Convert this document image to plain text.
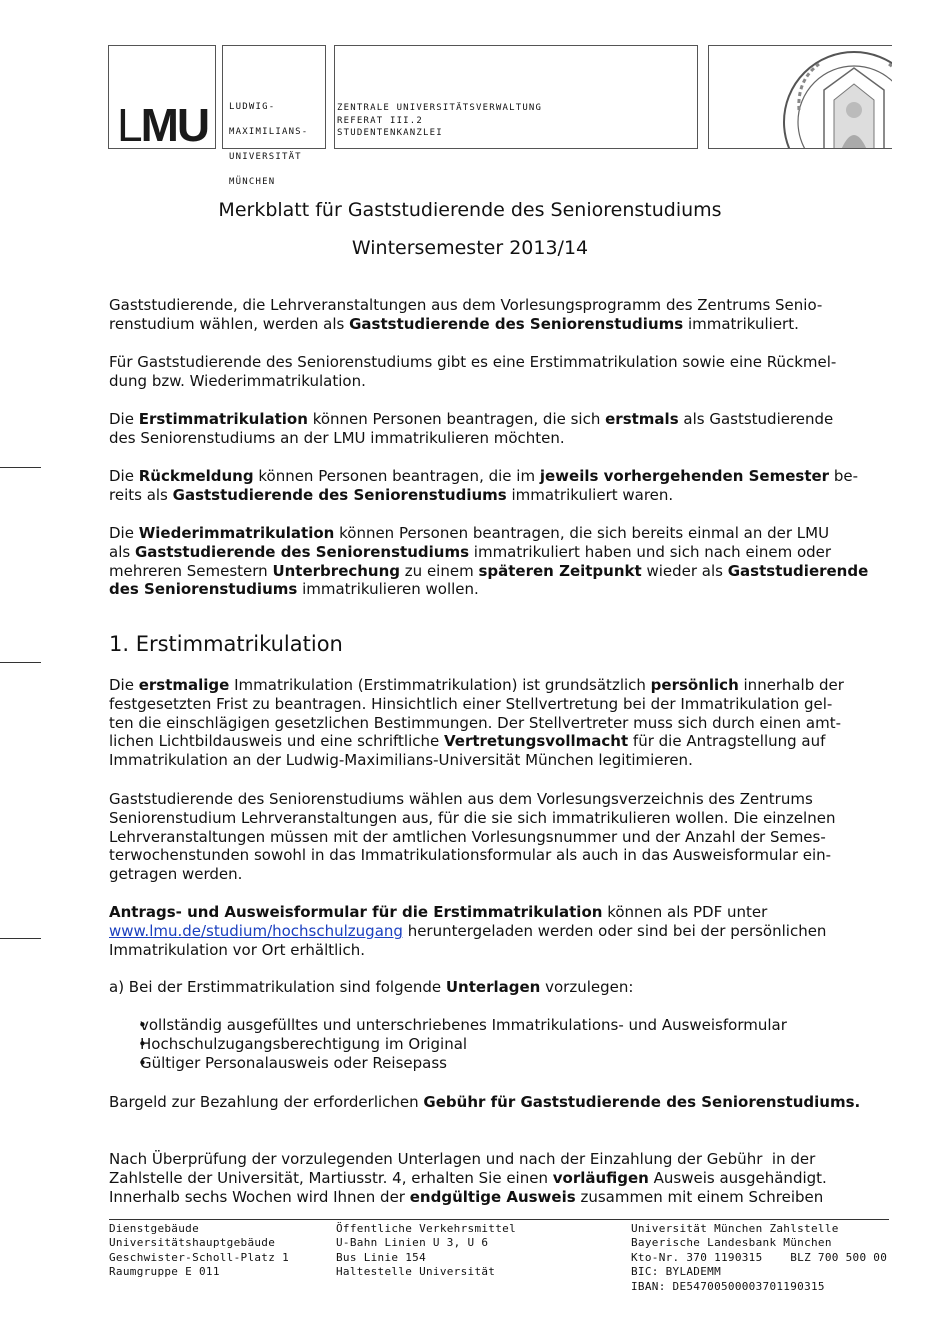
LMU LUDWIG-

MAXIMILIANS-

UNIVERSITÄT

MÜNCHEN

ZENTRALE UNIVERSITÄTSVERWALTUNG
REFERAT III.2
STUDENTENKANZLEI
Merkblatt für Gaststudierende des Seniorenstudiums
Wintersemester 2013/14
Gaststudierende, die Lehrveranstaltungen aus dem Vorlesungsprogramm des Zentrums Senio-
renstudium wählen, werden als Gaststudierende des Seniorenstudiums immatrikuliert.
Für Gaststudierende des Seniorenstudiums gibt es eine Erstimmatrikulation sowie eine Rückmel-
dung bzw. Wiederimmatrikulation.
Die Erstimmatrikulation können Personen beantragen, die sich erstmals als Gaststudierende
des Seniorenstudiums an der LMU immatrikulieren möchten.
Die Rückmeldung können Personen beantragen, die im jeweils vorhergehenden Semester be-
reits als Gaststudierende des Seniorenstudiums immatrikuliert waren.
Die Wiederimmatrikulation können Personen beantragen, die sich bereits einmal an der LMU
als Gaststudierende des Seniorenstudiums immatrikuliert haben und sich nach einem oder
mehreren Semestern Unterbrechung zu einem späteren Zeitpunkt wieder als Gaststudierende
des Seniorenstudiums immatrikulieren wollen.
1. Erstimmatrikulation
Die erstmalige Immatrikulation (Erstimmatrikulation) ist grundsätzlich persönlich innerhalb der
festgesetzten Frist zu beantragen. Hinsichtlich einer Stellvertretung bei der Immatrikulation gel-
ten die einschlägigen gesetzlichen Bestimmungen. Der Stellvertreter muss sich durch einen amt-
lichen Lichtbildausweis und eine schriftliche Vertretungsvollmacht für die Antragstellung auf
Immatrikulation an der Ludwig-Maximilians-Universität München legitimieren.
Gaststudierende des Seniorenstudiums wählen aus dem Vorlesungsverzeichnis des Zentrums
Seniorenstudium Lehrveranstaltungen aus, für die sie sich immatrikulieren wollen. Die einzelnen
Lehrveranstaltungen müssen mit der amtlichen Vorlesungsnummer und der Anzahl der Semes-
terwochenstunden sowohl in das Immatrikulationsformular als auch in das Ausweisformular ein-
getragen werden.
Antrags- und Ausweisformular für die Erstimmatrikulation können als PDF unter
www.lmu.de/studium/hochschulzugang heruntergeladen werden oder sind bei der persönlichen
Immatrikulation vor Ort erhältlich.
a) Bei der Erstimmatrikulation sind folgende Unterlagen vorzulegen:
• vollständig ausgefülltes und unterschriebenes Immatrikulations- und Ausweisformular
• Hochschulzugangsberechtigung im Original
• Gültiger Personalausweis oder Reisepass
Bargeld zur Bezahlung der erforderlichen Gebühr für Gaststudierende des Seniorenstudiums.
Nach Überprüfung der vorzulegenden Unterlagen und nach der Einzahlung der Gebühr  in der
Zahlstelle der Universität, Martiusstr. 4, erhalten Sie einen vorläufigen Ausweis ausgehändigt.
Innerhalb sechs Wochen wird Ihnen der endgültige Ausweis zusammen mit einem Schreiben
Dienstgebäude
Universitätshauptgebäude
Geschwister-Scholl-Platz 1
Raumgruppe E 011
Öffentliche Verkehrsmittel
U-Bahn Linien U 3, U 6
Bus Linie 154
Haltestelle Universität
Universität München Zahlstelle
Bayerische Landesbank München
Kto-Nr. 370 1190315    BLZ 700 500 00
BIC: BYLADEMM
IBAN: DE54700500003701190315
